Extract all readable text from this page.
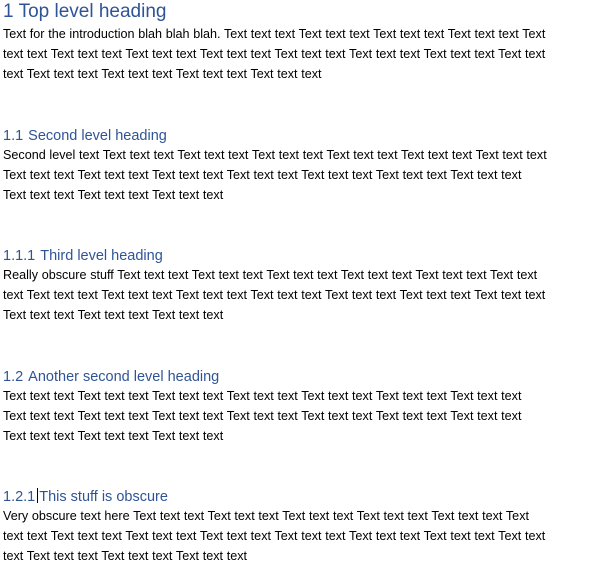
1 Top level heading
Text for the introduction blah blah blah. Text text text Text text text Text text text Text text text Text
text text Text text text Text text text Text text text Text text text Text text text Text text text Text text
text Text text text Text text text Text text text Text text text
1.1 Second level heading
Second level text Text text text Text text text Text text text Text text text Text text text Text text text
Text text text Text text text Text text text Text text text Text text text Text text text Text text text
Text text text Text text text Text text text
1.1.1 Third level heading
Really obscure stuff Text text text Text text text Text text text Text text text Text text text Text text
text Text text text Text text text Text text text Text text text Text text text Text text text Text text text
Text text text Text text text Text text text
1.2 Another second level heading
Text text text Text text text Text text text Text text text Text text text Text text text Text text text
Text text text Text text text Text text text Text text text Text text text Text text text Text text text
Text text text Text text text Text text text
1.2.1 This stuff is obscure
Very obscure text here Text text text Text text text Text text text Text text text Text text text Text
text text Text text text Text text text Text text text Text text text Text text text Text text text Text text
text Text text text Text text text Text text text
